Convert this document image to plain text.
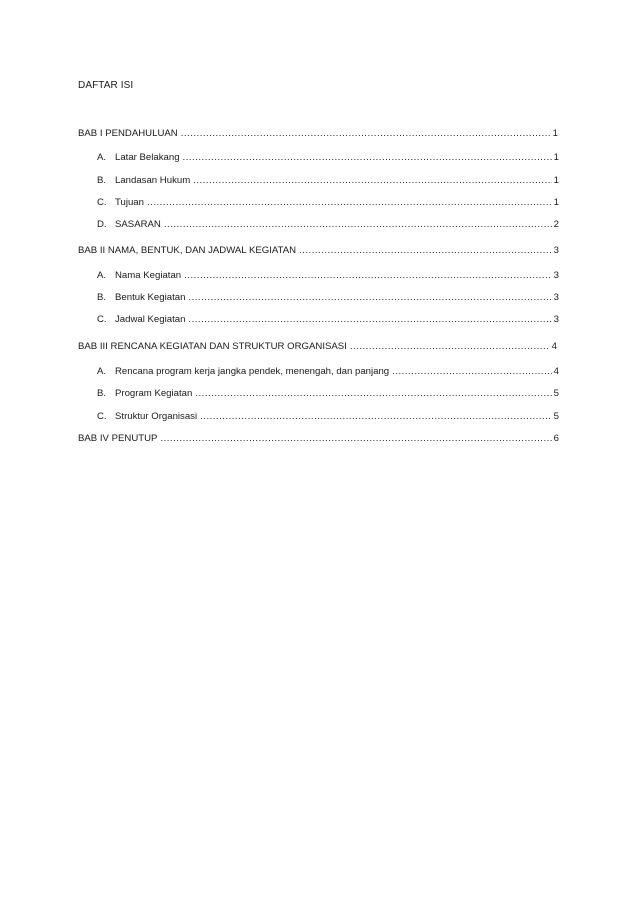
DAFTAR ISI
BAB I PENDAHULUAN .....	1
A. Latar Belakang .....	1
B. Landasan Hukum .....	1
C. Tujuan .....	1
D. SASARAN .....	2
BAB II NAMA, BENTUK, DAN JADWAL KEGIATAN .....	3
A. Nama Kegiatan .....	3
B. Bentuk Kegiatan .....	3
C. Jadwal Kegiatan .....	3
BAB III RENCANA KEGIATAN DAN STRUKTUR ORGANISASI .....	4
A. Rencana program kerja jangka pendek, menengah, dan panjang .....	4
B. Program Kegiatan .....	5
C. Struktur Organisasi .....	5
BAB IV PENUTUP .....	6
